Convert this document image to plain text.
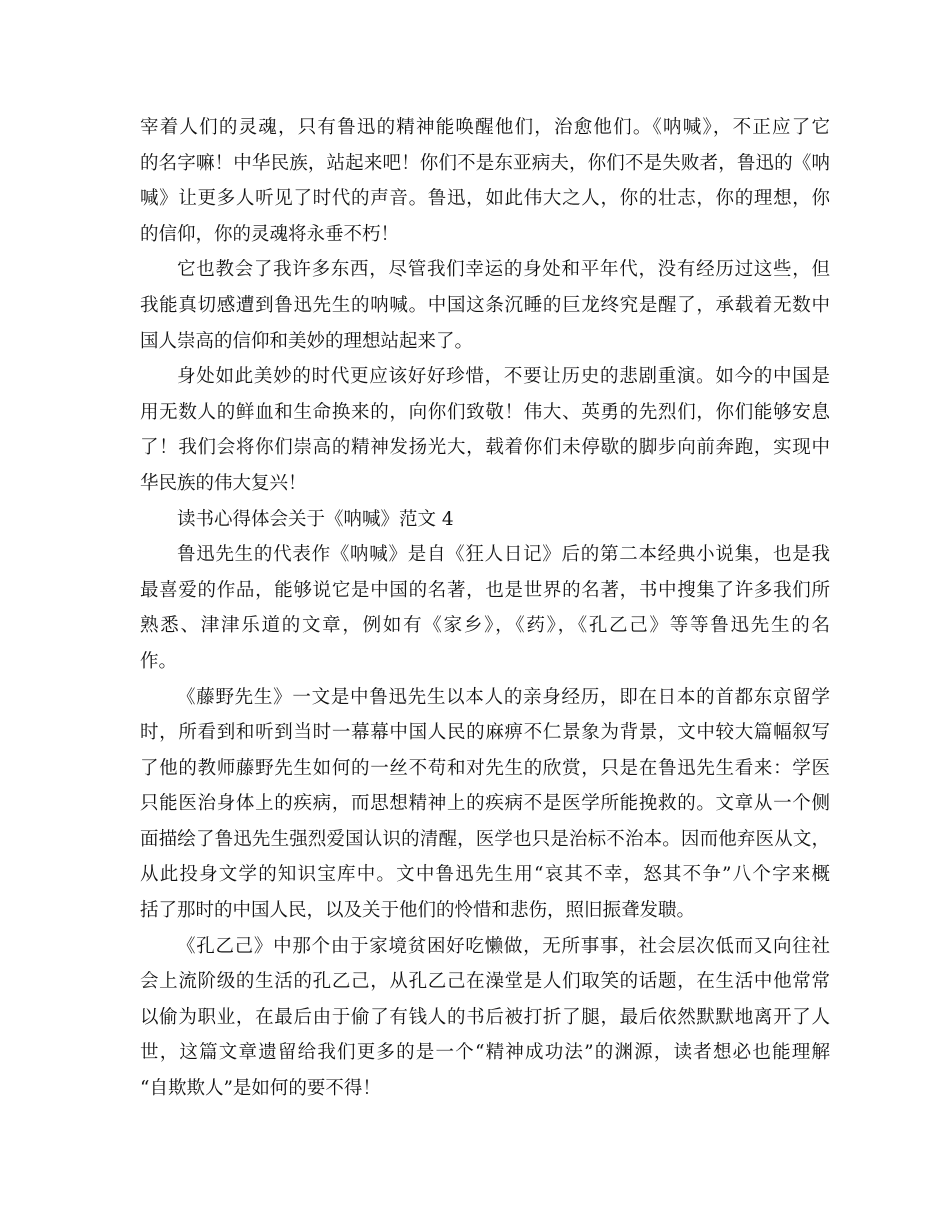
宰着人们的灵魂，只有鲁迅的精神能唤醒他们，治愈他们。《呐喊》，不正应了它
的名字嘛！中华民族，站起来吧！你们不是东亚病夫，你们不是失败者，鲁迅的《呐
喊》让更多人听见了时代的声音。鲁迅，如此伟大之人，你的壮志，你的理想，你
的信仰，你的灵魂将永垂不朽！
它也教会了我许多东西，尽管我们幸运的身处和平年代，没有经历过这些，但
我能真切感遭到鲁迅先生的呐喊。中国这条沉睡的巨龙终究是醒了，承载着无数中
国人崇高的信仰和美妙的理想站起来了。
身处如此美妙的时代更应该好好珍惜，不要让历史的悲剧重演。如今的中国是
用无数人的鲜血和生命换来的，向你们致敬！伟大、英勇的先烈们，你们能够安息
了！我们会将你们崇高的精神发扬光大，载着你们未停歇的脚步向前奔跑，实现中
华民族的伟大复兴！
读书心得体会关于《呐喊》范文 4
鲁迅先生的代表作《呐喊》是自《狂人日记》后的第二本经典小说集，也是我
最喜爱的作品，能够说它是中国的名著，也是世界的名著，书中搜集了许多我们所
熟悉、津津乐道的文章，例如有《家乡》，《药》，《孔乙己》等等鲁迅先生的名
作。
《藤野先生》一文是中鲁迅先生以本人的亲身经历，即在日本的首都东京留学
时，所看到和听到当时一幕幕中国人民的麻痹不仁景象为背景，文中较大篇幅叙写
了他的教师藤野先生如何的一丝不苟和对先生的欣赏，只是在鲁迅先生看来：学医
只能医治身体上的疾病，而思想精神上的疾病不是医学所能挽救的。文章从一个侧
面描绘了鲁迅先生强烈爱国认识的清醒，医学也只是治标不治本。因而他弃医从文，
从此投身文学的知识宝库中。文中鲁迅先生用“哀其不幸，怒其不争”八个字来概
括了那时的中国人民，以及关于他们的怜惜和悲伤，照旧振聋发聩。
《孔乙己》中那个由于家境贫困好吃懒做，无所事事，社会层次低而又向往社
会上流阶级的生活的孔乙己，从孔乙己在澡堂是人们取笑的话题，在生活中他常常
以偷为职业，在最后由于偷了有钱人的书后被打折了腿，最后依然默默地离开了人
世，这篇文章遗留给我们更多的是一个“精神成功法”的渊源，读者想必也能理解
“自欺欺人”是如何的要不得！
